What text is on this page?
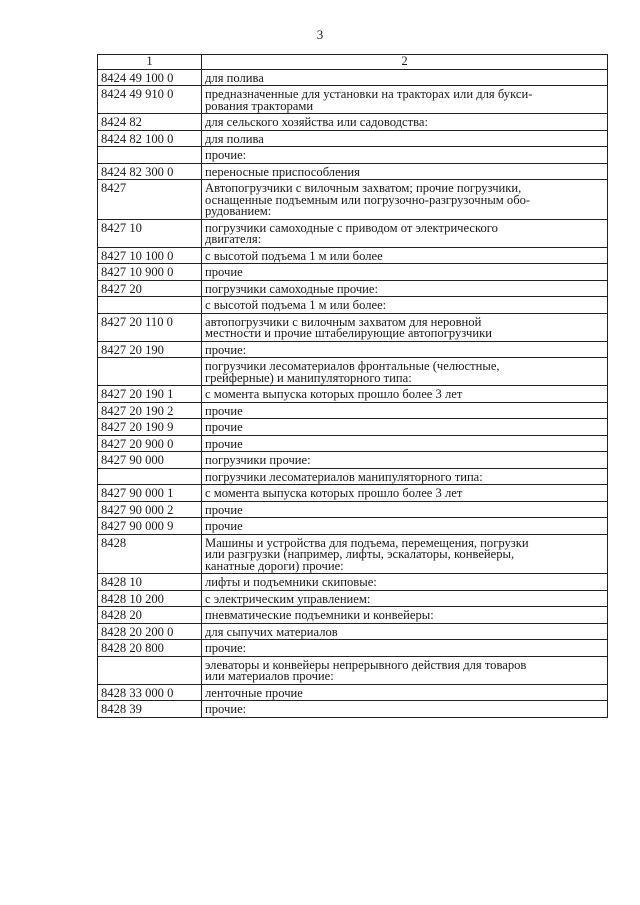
3
1	2
8424 49 100 0	для полива
8424 49 910 0	предназначенные для установки на тракторах или для букси-
рования тракторами
8424 82	для сельского хозяйства или садоводства:
8424 82 100 0	для полива
	прочие:
8424 82 300 0	переносные приспособления
8427	Автопогрузчики с вилочным захватом; прочие погрузчики,
оснащенные подъемным или погрузочно-разгрузочным обо-
рудованием:
8427 10	погрузчики самоходные с приводом от электрического
двигателя:
8427 10 100 0	с высотой подъема 1 м или более
8427 10 900 0	прочие
8427 20	погрузчики самоходные прочие:
	с высотой подъема 1 м или более:
8427 20 110 0	автопогрузчики с вилочным захватом для неровной
местности и прочие штабелирующие автопогрузчики
8427 20 190	прочие:
	погрузчики лесоматериалов фронтальные (челюстные,
грейферные) и манипуляторного типа:
8427 20 190 1	с момента выпуска которых прошло более 3 лет
8427 20 190 2	прочие
8427 20 190 9	прочие
8427 20 900 0	прочие
8427 90 000	погрузчики прочие:
	погрузчики лесоматериалов манипуляторного типа:
8427 90 000 1	с момента выпуска которых прошло более 3 лет
8427 90 000 2	прочие
8427 90 000 9	прочие
8428	Машины и устройства для подъема, перемещения, погрузки
или разгрузки (например, лифты, эскалаторы, конвейеры,
канатные дороги) прочие:
8428 10	лифты и подъемники скиповые:
8428 10 200	с электрическим управлением:
8428 20	пневматические подъемники и конвейеры:
8428 20 200 0	для сыпучих материалов
8428 20 800	прочие:
	элеваторы и конвейеры непрерывного действия для товаров
или материалов прочие:
8428 33 000 0	ленточные прочие
8428 39	прочие:
